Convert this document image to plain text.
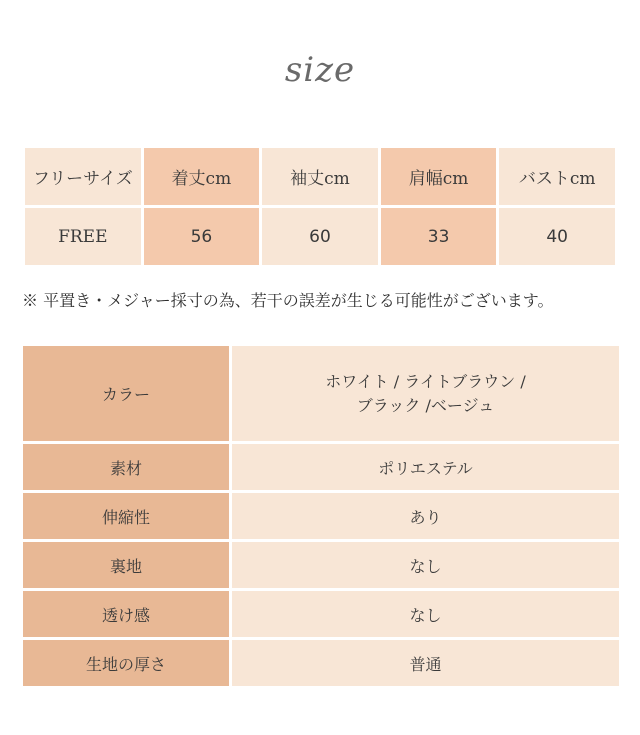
size
フリーサイズ	着丈cm	袖丈cm	肩幅cm	バストcm
FREE	56	60	33	40
※ 平置き・メジャー採寸の為、若干の誤差が生じる可能性がございます。
カラー	ホワイト / ライトブラウン /
ブラック /ベージュ

素材	ポリエステル
伸縮性	あり
裏地	なし
透け感	なし
生地の厚さ	普通
